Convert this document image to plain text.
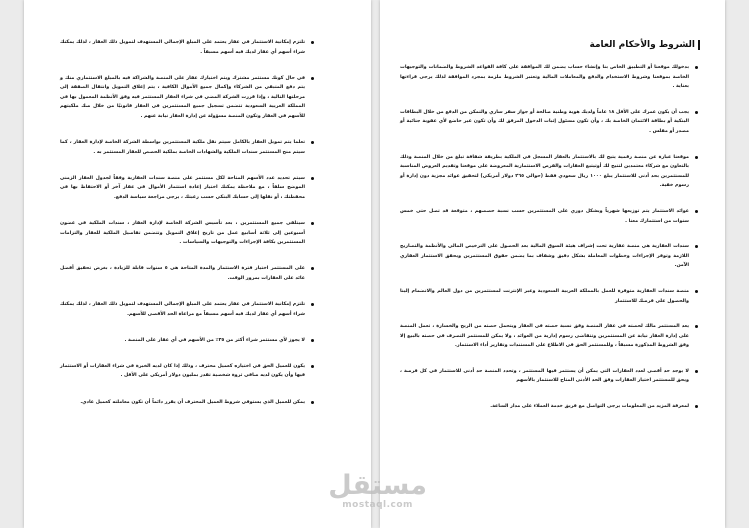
تلتزم إمكانية الاستثمار في عقار يعتمد على المبلغ الإجمالي المستهدف لتمويل ذلك العقار ، لذلك يمكنك شراء أسهم أي عقار لديك فيه أسهم مسبقاً .
في حال كونك مستثمر مشترك ويتم اختيارك عقار على المنصة والشراكة فيه بالمبلغ الاستثماري منك و يتم دفع المتبقي من الشركاء وإكمال جميع الأموال الكافية ، يتم إغلاق التمويل وانتقال الصفقة إلى مرحلتها التالية ، وإذا قررت الشركة المضي في شراء العقار المستثمر فيه وفق الأنظمة المعمول بها في المملكة العربية السعودية تتضمن تسجيل جميع المستثمرين في العقار قانونيًا من خلال صك ملكيتهم للأسهم في العقار وتكون المنصة مسؤولة عن إدارة العقار نيابة عنهم .
تعلما يتم تمويل العقار بالكامل سيتم نقل ملكية المستثمرين بواسطة الشركة الخاصة لإدارة العقار ، كما سيتم منح المستثمر سندات الملكية والشهادات الخاصة بملكية الحصص للعقار المستثمر به .
سيتم تحديد عدد الأسهم المتاحة لكل مستثمر على منصة سندات العقارية وفقاً لجدول العقار الزمني الموضح سلفاً ، مع ملاحظة يمكنك اختيار إعادة استثمار الأموال في عقار آخر أو الاحتفاظ بها في محفظتك ، أو نقلها إلى حسابك البنكي حسب رغبتك ، يرجى مراجعة سياسة الدفع.
سيتلقى جميع المستثمرين ، بعد تأسيس الشركة الخاصة لإدارة العقار ، سندات الملكية في غضون أسبوعين إلى ثلاثة أسابيع عمل من تاريخ إغلاق التمويل وتتضمن تفاصيل الملكية للعقار والتزامات المستثمرين بكافة الإجراءات والتوجيهات والسياسات .
على المستثمر اختيار فترة الاستثمار والمدة المتاحة هي ٥ سنوات قابلة للزيادة ، بغرض تحقيق أفضل عائد على العقارات بمرور الوقت.
تلتزم إمكانية الاستثمار في عقار يعتمد على المبلغ الإجمالي المستهدف لتمويل ذلك العقار ، لذلك يمكنك شراء أسهم أي عقار لديك فيه أسهم مسبقاً مع مراعاة الحد الأقصى للأسهم.
لا يجوز لأي مستثمر شراء أكثر من ٣٥٪ من الأسهم في أي عقار على المنصة .
يكون للعميل الحق في اختياره كعميل محترف ، وذلك إذا كان لديه الخبرة في شراء العقارات أو الاستثمار فيها وأن يكون لديه صافي ثروة شخصية تقدر بمليون دولار أمريكي على الأقل .
يمكن للعميل الذي يستوفي شروط العميل المحترف أن يقرر دائماً أن تكون معاملته كعميل عادي.
الشروط والأحكام العامة
بدخولك موقعنا أو التطبيق الخاص بنا وإنشاء حساب يضمن لك الموافقة على كافة القواعد الشروط والضمانات والتوجيهات الخاصة بموقعنا وشروط الاستخدام والدفع والمعاملات المالية وتعتبر الشروط ملزمة بمجرد الموافقة لذلك يرجى قراءتها بعناية .
يجب أن يكون عمرك على الأقل ١٨ عاماً ولديك هوية وطنية صالحة أو جواز سفر ساري والتمكن من الدفع من خلال البطاقات البنكية أو بطاقة الائتمان الخاصة بك ، وأن تكون مسئول إثبات الدخول المرفق لك وأن تكون غير خاضع لأي عقوبة جنائية أو مصدر أو مفلس .
موقعنا عبارة عن منصة رقمية يتيح لك بالاستثمار بالعقار المسجل في الملكية بطريقة شفافة تبلغ من خلال المنصة وذلك بالتعاون مع شركاء معتمدين لتتيح لك أوتيتيع العقارات والفرص الاستثمارية المعروضة على موقعنا وتقديم العروض المناسبة للمستثمرين بحد أدنى للاستثمار يبلغ ١٠٠٠ ريال سعودي فقط (حوالي ٢٦٥ دولار أمريكي) لتحقيق عوائد مجزية دون إدارة أو رسوم خفية.
عوائد الاستثمار يتم توزيعها شهرياً وبشكل دوري على المستثمرين حسب نسبة حصصهم ، متوقعة قد تصل حتى خمس سنوات من استثمارك معنا .
سندات العقارية هي منصة عقارية تحت إشراف هيئة السوق المالية بعد الحصول على الترخيص المالي والأنظمة والتصاريح اللازمة وتوفر الإجراءات وخطوات المعاملة بشكل دقيق وشفاف بما يضمن حقوق المستثمرين ويحقق الاستثمار العقاري الآمن.
منصة سندات العقارية متوفرة للعمل بالمملكة العربية السعودية وعبر الإنترنت لمستثمرين من دول العالم والانضمام إلينا والحصول على فرصك للاستثمار
يعد المستثمر مالك لحصته في عقار المنصة وفق نسبة حصته في العقار ويتحمل حصته من الربح والخسارة ، تعمل المنصة على إدارة العقار نيابة عن المستثمرين وتتقاضى رسوم إدارية من العوائد ، ولا يمكن للمستثمر التصرف في حصته بالبيع إلا وفق الشروط المذكورة مسبقاً ، وللمستثمر الحق في الاطلاع على المستندات وتقارير أداء الاستثمار.
لا يوجد حد أقصى لعدد العقارات التي يمكن أن يستثمر فيها المستثمر ، وتحدد المنصة حد أدنى للاستثمار في كل فرصة ، ويحق للمستثمر اختيار العقارات وفق الحد الأدنى المتاح للاستثمار بالأسهم
لمعرفة المزيد من المعلومات يرجى التواصل مع فريق خدمة العملاء على مدار الساعة.
مستقل
mostaql.com
